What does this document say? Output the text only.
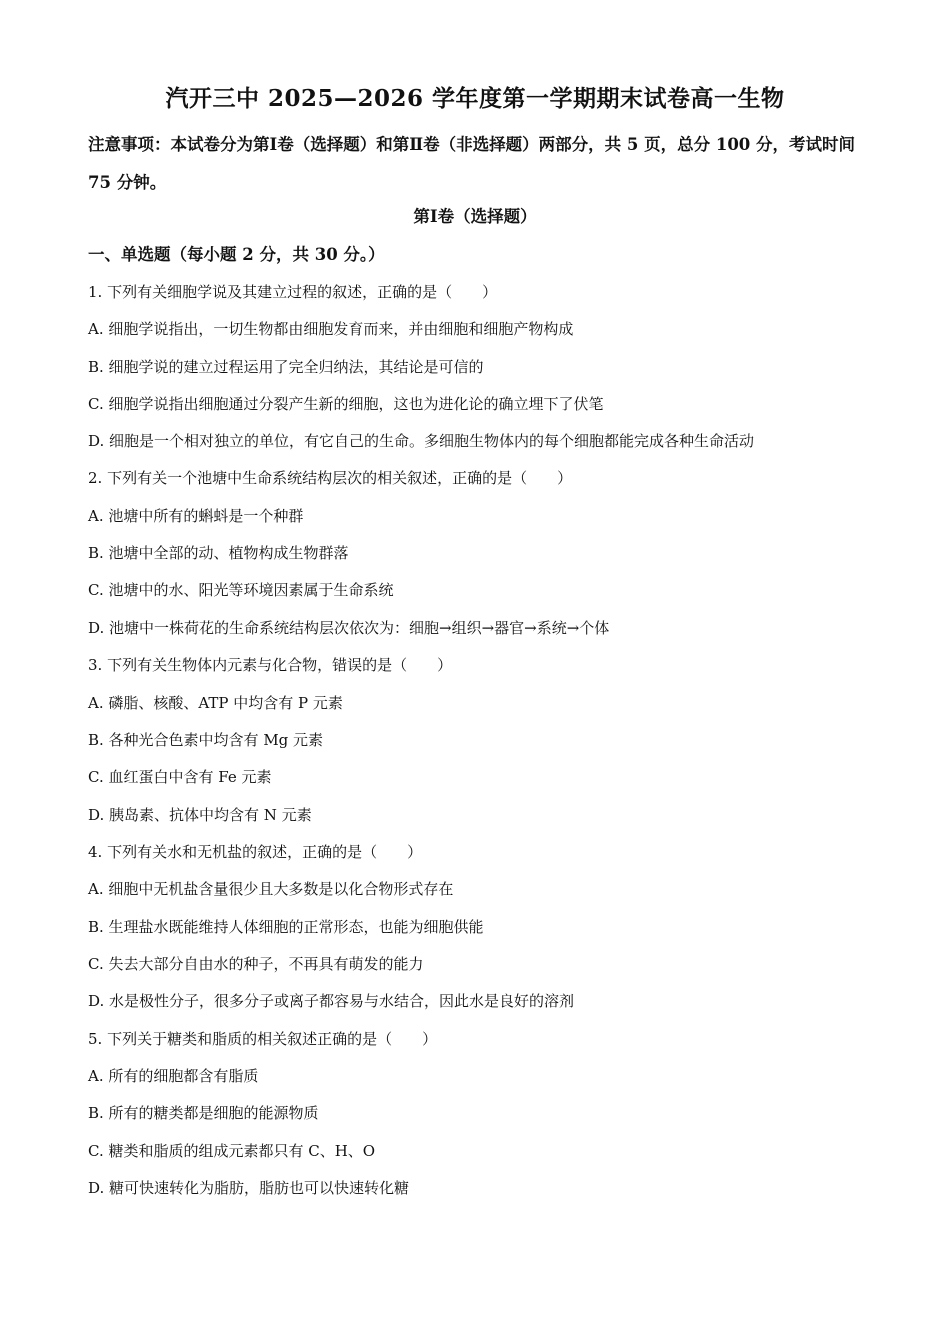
汽开三中 2025—2026 学年度第一学期期末试卷高一生物
注意事项：本试卷分为第Ⅰ卷（选择题）和第Ⅱ卷（非选择题）两部分，共 5 页，总分 100 分，考试时间 75 分钟。
第Ⅰ卷（选择题）
一、单选题（每小题 2 分，共 30 分。）
1. 下列有关细胞学说及其建立过程的叙述，正确的是（　　）
A. 细胞学说指出，一切生物都由细胞发育而来，并由细胞和细胞产物构成
B. 细胞学说的建立过程运用了完全归纳法，其结论是可信的
C. 细胞学说指出细胞通过分裂产生新的细胞，这也为进化论的确立埋下了伏笔
D. 细胞是一个相对独立的单位，有它自己的生命。多细胞生物体内的每个细胞都能完成各种生命活动
2. 下列有关一个池塘中生命系统结构层次的相关叙述，正确的是（　　）
A. 池塘中所有的蝌蚪是一个种群
B. 池塘中全部的动、植物构成生物群落
C. 池塘中的水、阳光等环境因素属于生命系统
D. 池塘中一株荷花的生命系统结构层次依次为：细胞→组织→器官→系统→个体
3. 下列有关生物体内元素与化合物，错误的是（　　）
A. 磷脂、核酸、ATP 中均含有 P 元素
B. 各种光合色素中均含有 Mg 元素
C. 血红蛋白中含有 Fe 元素
D. 胰岛素、抗体中均含有 N 元素
4. 下列有关水和无机盐的叙述，正确的是（　　）
A. 细胞中无机盐含量很少且大多数是以化合物形式存在
B. 生理盐水既能维持人体细胞的正常形态，也能为细胞供能
C. 失去大部分自由水的种子，不再具有萌发的能力
D. 水是极性分子，很多分子或离子都容易与水结合，因此水是良好的溶剂
5. 下列关于糖类和脂质的相关叙述正确的是（　　）
A. 所有的细胞都含有脂质
B. 所有的糖类都是细胞的能源物质
C. 糖类和脂质的组成元素都只有 C、H、O
D. 糖可快速转化为脂肪，脂肪也可以快速转化糖
